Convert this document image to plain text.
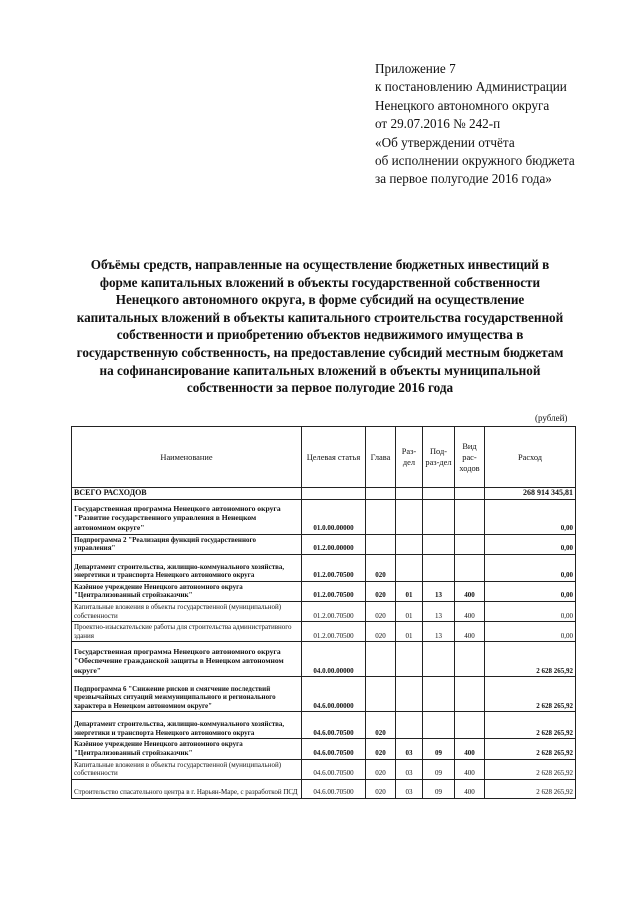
Приложение 7
к постановлению Администрации
Ненецкого автономного округа
от 29.07.2016 № 242-п
«Об утверждении отчёта
об исполнении окружного бюджета
за первое полугодие 2016 года»
Объёмы средств, направленные на осуществление бюджетных инвестиций в форме капитальных вложений в объекты государственной собственности Ненецкого автономного округа, в форме субсидий на осуществление капитальных вложений в объекты капитального строительства государственной собственности и приобретению объектов недвижимого имущества в государственную собственность, на предоставление субсидий местным бюджетам на софинансирование капитальных вложений в объекты муниципальной собственности за первое полугодие 2016 года
(рублей)
Наименование	Целевая статья	Глава	Раз-дел	Под-раз-дел	Вид рас-ходов	Расход
ВСЕГО РАСХОДОВ						268 914 345,81
Государственная программа Ненецкого автономного округа "Развитие государственного управления в Ненецком автономном округе"	01.0.00.00000					0,00
Подпрограмма 2 "Реализация функций государственного управления"	01.2.00.00000					0,00
Департамент строительства, жилищно-коммунального хозяйства, энергетики и транспорта Ненецкого автономного округа	01.2.00.70500	020				0,00
Казённое учреждение Ненецкого автономного округа "Централизованный стройзаказчик"	01.2.00.70500	020	01	13	400	0,00
Капитальные вложения в объекты государственной (муниципальной) собственности	01.2.00.70500	020	01	13	400	0,00
Проектно-изыскательские работы для строительства административного здания	01.2.00.70500	020	01	13	400	0,00
Государственная программа Ненецкого автономного округа "Обеспечение гражданской защиты в Ненецком автономном округе"	04.0.00.00000					2 628 265,92
Подпрограмма 6 "Снижение рисков и смягчение последствий чрезвычайных ситуаций межмуниципального и регионального характера в Ненецком автономном округе"	04.6.00.00000					2 628 265,92
Департамент строительства, жилищно-коммунального хозяйства, энергетики и транспорта Ненецкого автономного округа	04.6.00.70500	020				2 628 265,92
Казённое учреждение Ненецкого автономного округа "Централизованный стройзаказчик"	04.6.00.70500	020	03	09	400	2 628 265,92
Капитальные вложения в объекты государственной (муниципальной) собственности	04.6.00.70500	020	03	09	400	2 628 265,92
Строительство спасательного центра в г. Нарьян-Маре, с разработкой ПСД	04.6.00.70500	020	03	09	400	2 628 265,92
